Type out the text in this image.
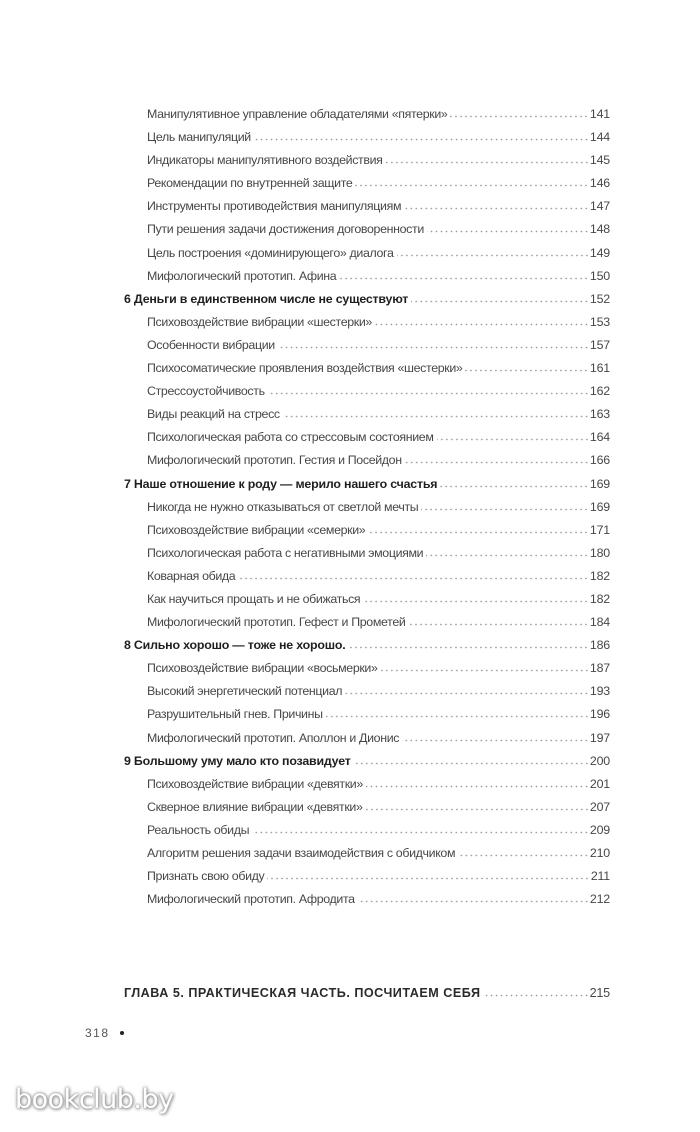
Манипулятивное управление обладателями «пятерки»	141
Цель манипуляций	144
Индикаторы манипулятивного воздействия	145
Рекомендации по внутренней защите	146
Инструменты противодействия манипуляциям	147
Пути решения задачи достижения договоренности	148
Цель построения «доминирующего» диалога	149
Мифологический прототип. Афина	150
6 Деньги в единственном числе не существуют	152
Психовоздействие вибрации «шестерки»	153
Особенности вибрации	157
Психосоматические проявления воздействия «шестерки»	161
Стрессоустойчивость	162
Виды реакций на стресс	163
Психологическая работа со стрессовым состоянием	164
Мифологический прототип. Гестия и Посейдон	166
7 Наше отношение к роду — мерило нашего счастья	169
Никогда не нужно отказываться от светлой мечты	169
Психовоздействие вибрации «семерки»	171
Психологическая работа с негативными эмоциями	180
Коварная обида	182
Как научиться прощать и не обижаться	182
Мифологический прототип. Гефест и Прометей	184
8 Сильно хорошо — тоже не хорошо.	186
Психовоздействие вибрации «восьмерки»	187
Высокий энергетический потенциал	193
Разрушительный гнев. Причины	196
Мифологический прототип. Аполлон и Дионис	197
9 Большому уму мало кто позавидует	200
Психовоздействие вибрации «девятки»	201
Скверное влияние вибрации «девятки»	207
Реальность обиды	209
Алгоритм решения задачи взаимодействия с обидчиком	210
Признать свою обиду	211
Мифологический прототип. Афродита	212
ГЛАВА 5. ПРАКТИЧЕСКАЯ ЧАСТЬ. ПОСЧИТАЕМ СЕБЯ	215
318
bookclub.by
